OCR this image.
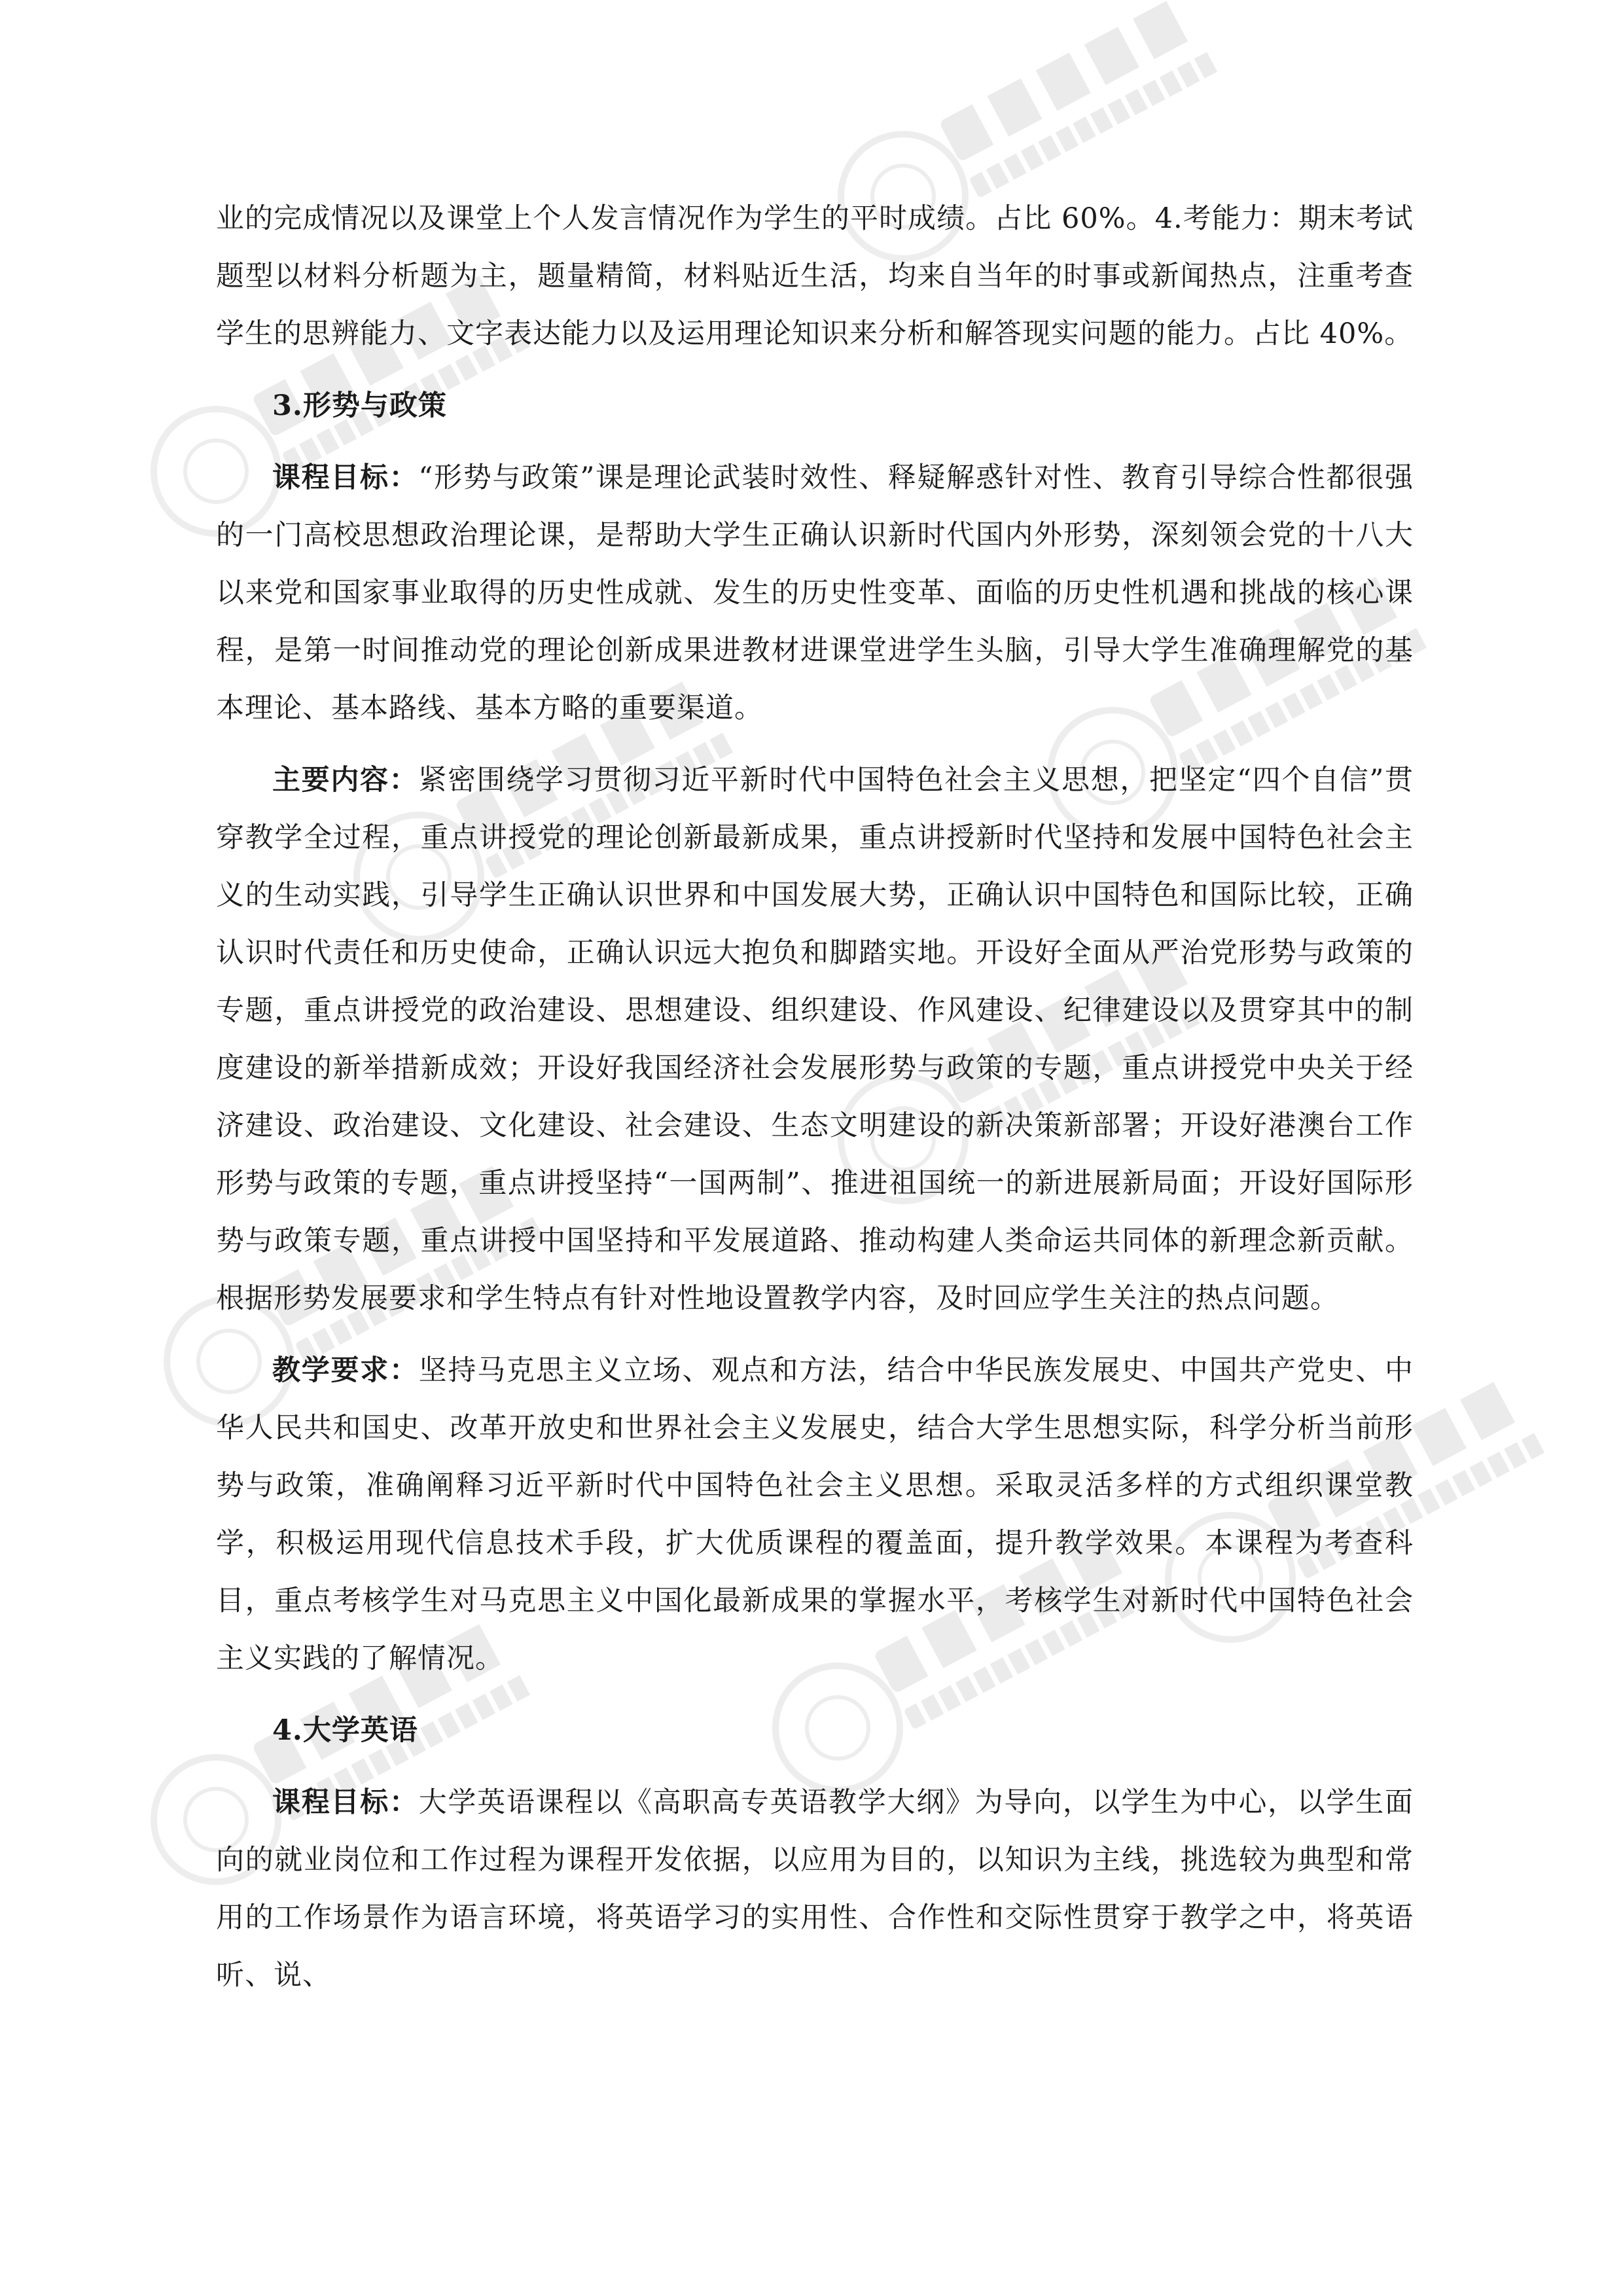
业的完成情况以及课堂上个人发言情况作为学生的平时成绩。占比 60%。4.考能力：期末考试题型以材料分析题为主，题量精简，材料贴近生活，均来自当年的时事或新闻热点，注重考查学生的思辨能力、文字表达能力以及运用理论知识来分析和解答现实问题的能力。占比 40%。

3.形势与政策

课程目标：“形势与政策”课是理论武装时效性、释疑解惑针对性、教育引导综合性都很强的一门高校思想政治理论课，是帮助大学生正确认识新时代国内外形势，深刻领会党的十八大以来党和国家事业取得的历史性成就、发生的历史性变革、面临的历史性机遇和挑战的核心课程，是第一时间推动党的理论创新成果进教材进课堂进学生头脑，引导大学生准确理解党的基本理论、基本路线、基本方略的重要渠道。

主要内容：紧密围绕学习贯彻习近平新时代中国特色社会主义思想，把坚定“四个自信”贯穿教学全过程，重点讲授党的理论创新最新成果，重点讲授新时代坚持和发展中国特色社会主义的生动实践，引导学生正确认识世界和中国发展大势，正确认识中国特色和国际比较，正确认识时代责任和历史使命，正确认识远大抱负和脚踏实地。开设好全面从严治党形势与政策的专题，重点讲授党的政治建设、思想建设、组织建设、作风建设、纪律建设以及贯穿其中的制度建设的新举措新成效；开设好我国经济社会发展形势与政策的专题，重点讲授党中央关于经济建设、政治建设、文化建设、社会建设、生态文明建设的新决策新部署；开设好港澳台工作形势与政策的专题，重点讲授坚持“一国两制”、推进祖国统一的新进展新局面；开设好国际形势与政策专题，重点讲授中国坚持和平发展道路、推动构建人类命运共同体的新理念新贡献。根据形势发展要求和学生特点有针对性地设置教学内容，及时回应学生关注的热点问题。

教学要求：坚持马克思主义立场、观点和方法，结合中华民族发展史、中国共产党史、中华人民共和国史、改革开放史和世界社会主义发展史，结合大学生思想实际，科学分析当前形势与政策，准确阐释习近平新时代中国特色社会主义思想。采取灵活多样的方式组织课堂教学，积极运用现代信息技术手段，扩大优质课程的覆盖面，提升教学效果。本课程为考查科目，重点考核学生对马克思主义中国化最新成果的掌握水平，考核学生对新时代中国特色社会主义实践的了解情况。

4.大学英语

课程目标：大学英语课程以《高职高专英语教学大纲》为导向，以学生为中心，以学生面向的就业岗位和工作过程为课程开发依据，以应用为目的，以知识为主线，挑选较为典型和常用的工作场景作为语言环境，将英语学习的实用性、合作性和交际性贯穿于教学之中，将英语听、说、
